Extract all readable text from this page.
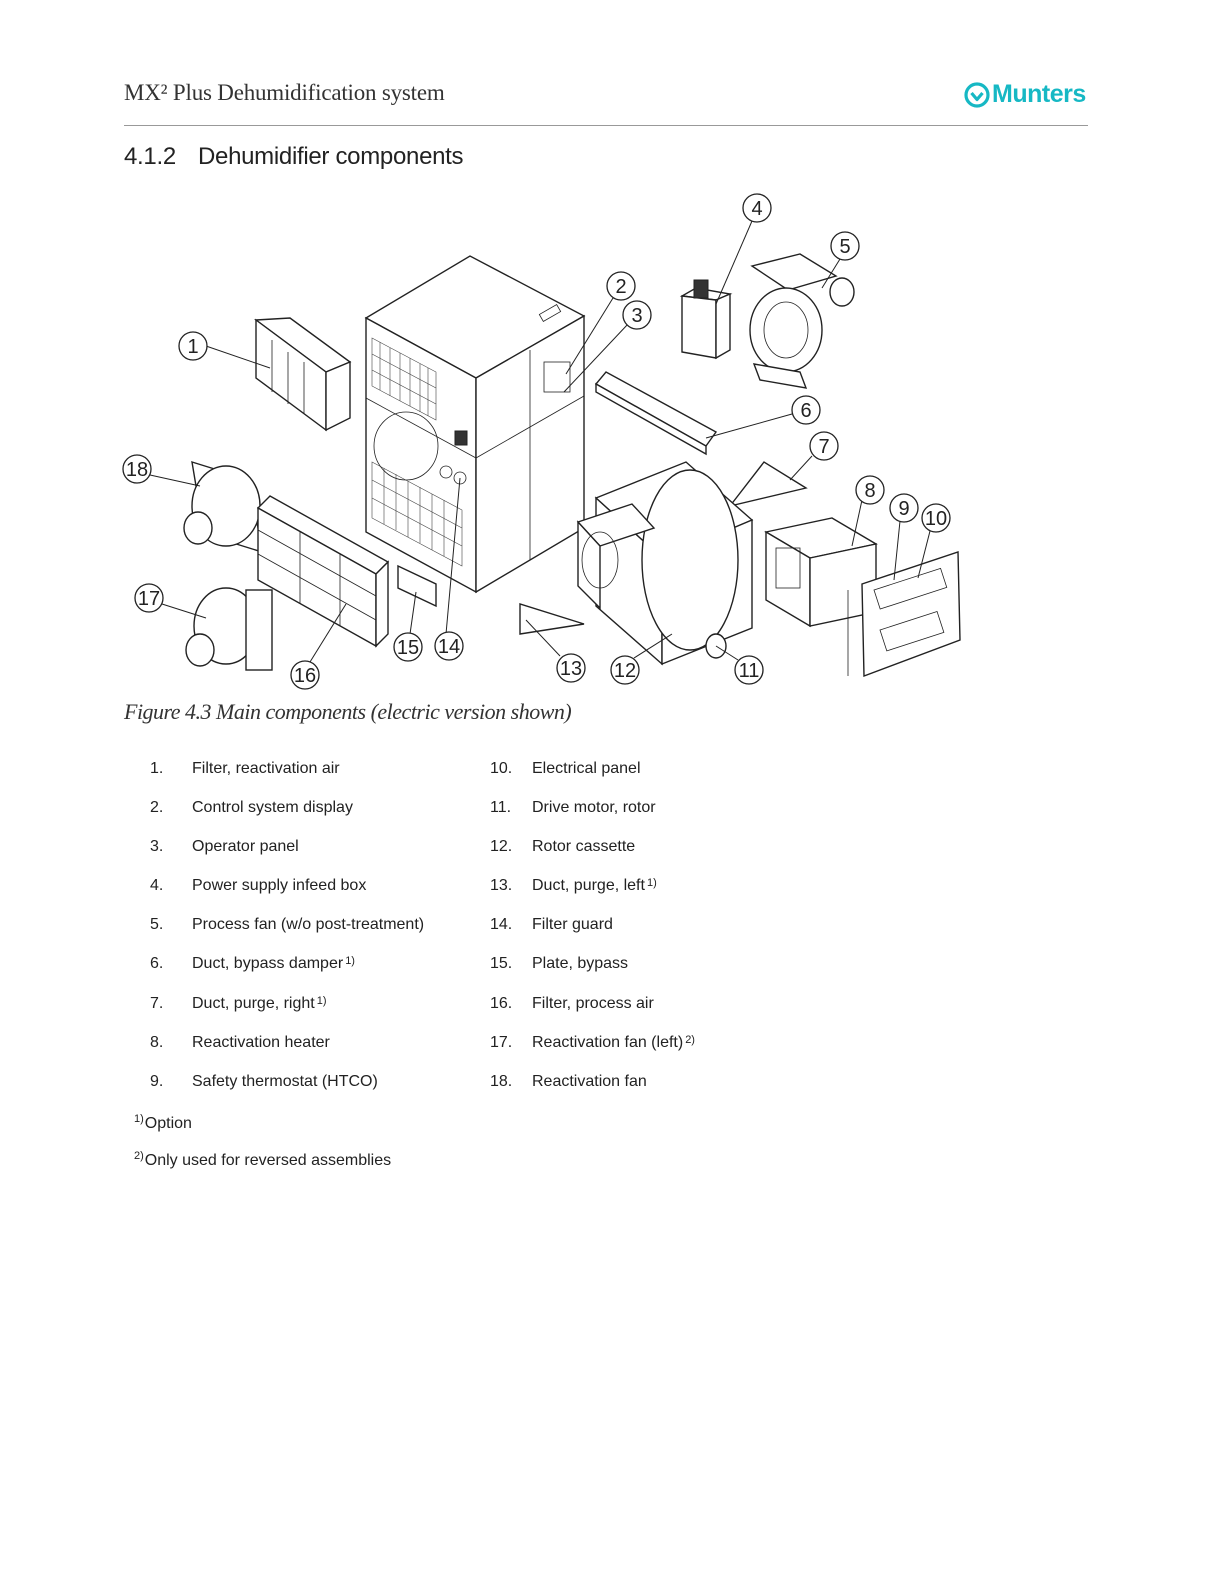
MX² Plus Dehumidification system	Munters
4.1.2 Dehumidifier components
1
2
3
4
5
6
7
8
9 10
11
12
13
14
15
16
17
18
Figure 4.3 Main components (electric version shown)
1.	Filter, reactivation air
2.	Control system display
3.	Operator panel
4.	Power supply infeed box
5.	Process fan (w/o post-treatment)
6.	Duct, bypass damper 1)
7.	Duct, purge, right 1)
8.	Reactivation heater
9.	Safety thermostat (HTCO)
10.	Electrical panel
11.	Drive motor, rotor
12.	Rotor cassette
13.	Duct, purge, left 1)
14.	Filter guard
15.	Plate, bypass
16.	Filter, process air
17.	Reactivation fan (left) 2)
18.	Reactivation fan
$^{1)}$Option
$^{2)}$Only used for reversed assemblies
